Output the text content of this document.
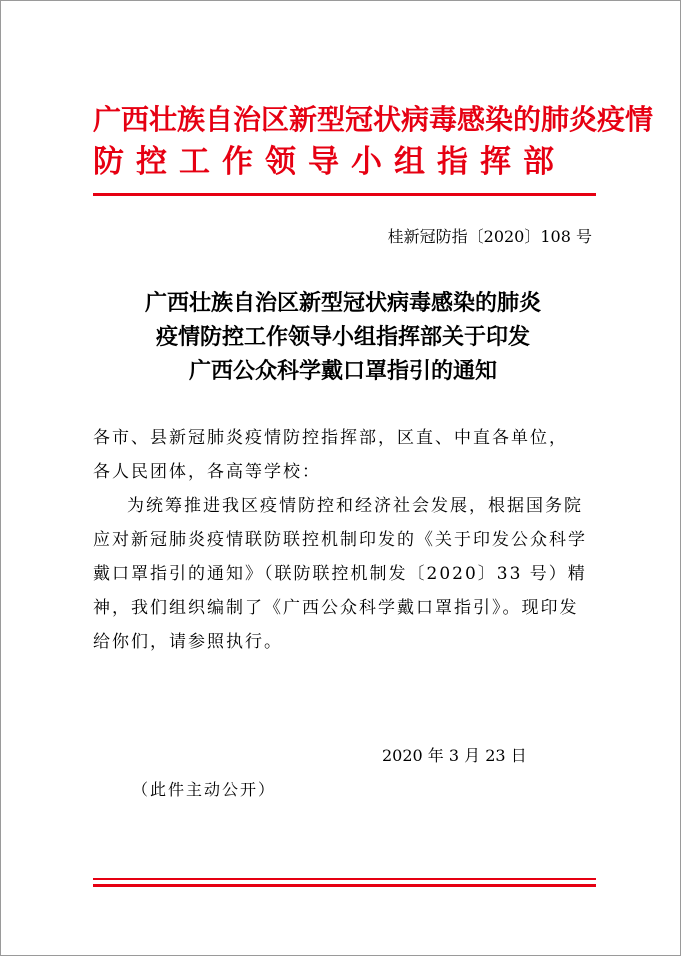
广西壮族自治区新型冠状病毒感染的肺炎疫情
防控工作领导小组指挥部
桂新冠防指〔2020〕108 号
广西壮族自治区新型冠状病毒感染的肺炎
疫情防控工作领导小组指挥部关于印发
广西公众科学戴口罩指引的通知

各市、县新冠肺炎疫情防控指挥部，区直、中直各单位，

各人民团体，各高等学校：

为统筹推进我区疫情防控和经济社会发展，根据国务院应对新冠肺炎疫情联防联控机制印发的《关于印发公众科学戴口罩指引的通知》（联防联控机制发〔2020〕33 号）精神，我们组织编制了《广西公众科学戴口罩指引》。现印发给你们，请参照执行。

2020 年 3 月 23 日
（此件主动公开）
